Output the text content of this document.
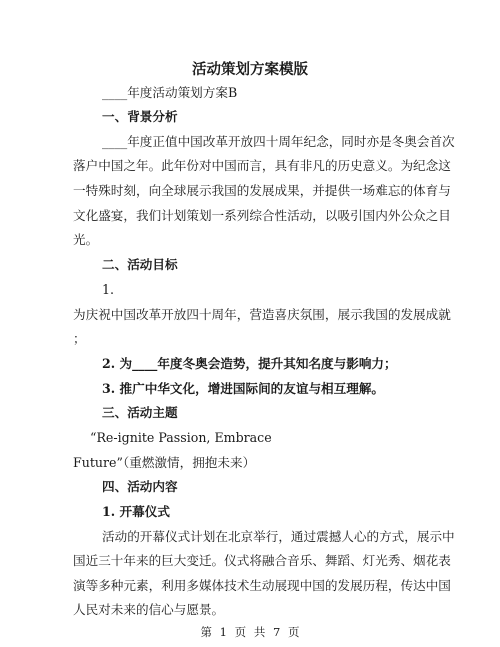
活动策划方案模版
____年度活动策划方案B
一、背景分析
____年度正值中国改革开放四十周年纪念，同时亦是冬奥会首次
落户中国之年。此年份对中国而言，具有非凡的历史意义。为纪念这
一特殊时刻，向全球展示我国的发展成果，并提供一场难忘的体育与
文化盛宴，我们计划策划一系列综合性活动，以吸引国内外公众之目
光。
二、活动目标
1.
为庆祝中国改革开放四十周年，营造喜庆氛围，展示我国的发展成就
；
2. 为____年度冬奥会造势，提升其知名度与影响力；
3. 推广中华文化，增进国际间的友谊与相互理解。
三、活动主题
“Re-ignite Passion, Embrace
Future”（重燃激情，拥抱未来）
四、活动内容
1. 开幕仪式
活动的开幕仪式计划在北京举行，通过震撼人心的方式，展示中
国近三十年来的巨大变迁。仪式将融合音乐、舞蹈、灯光秀、烟花表
演等多种元素，利用多媒体技术生动展现中国的发展历程，传达中国
人民对未来的信心与愿景。
第 1 页 共 7 页
